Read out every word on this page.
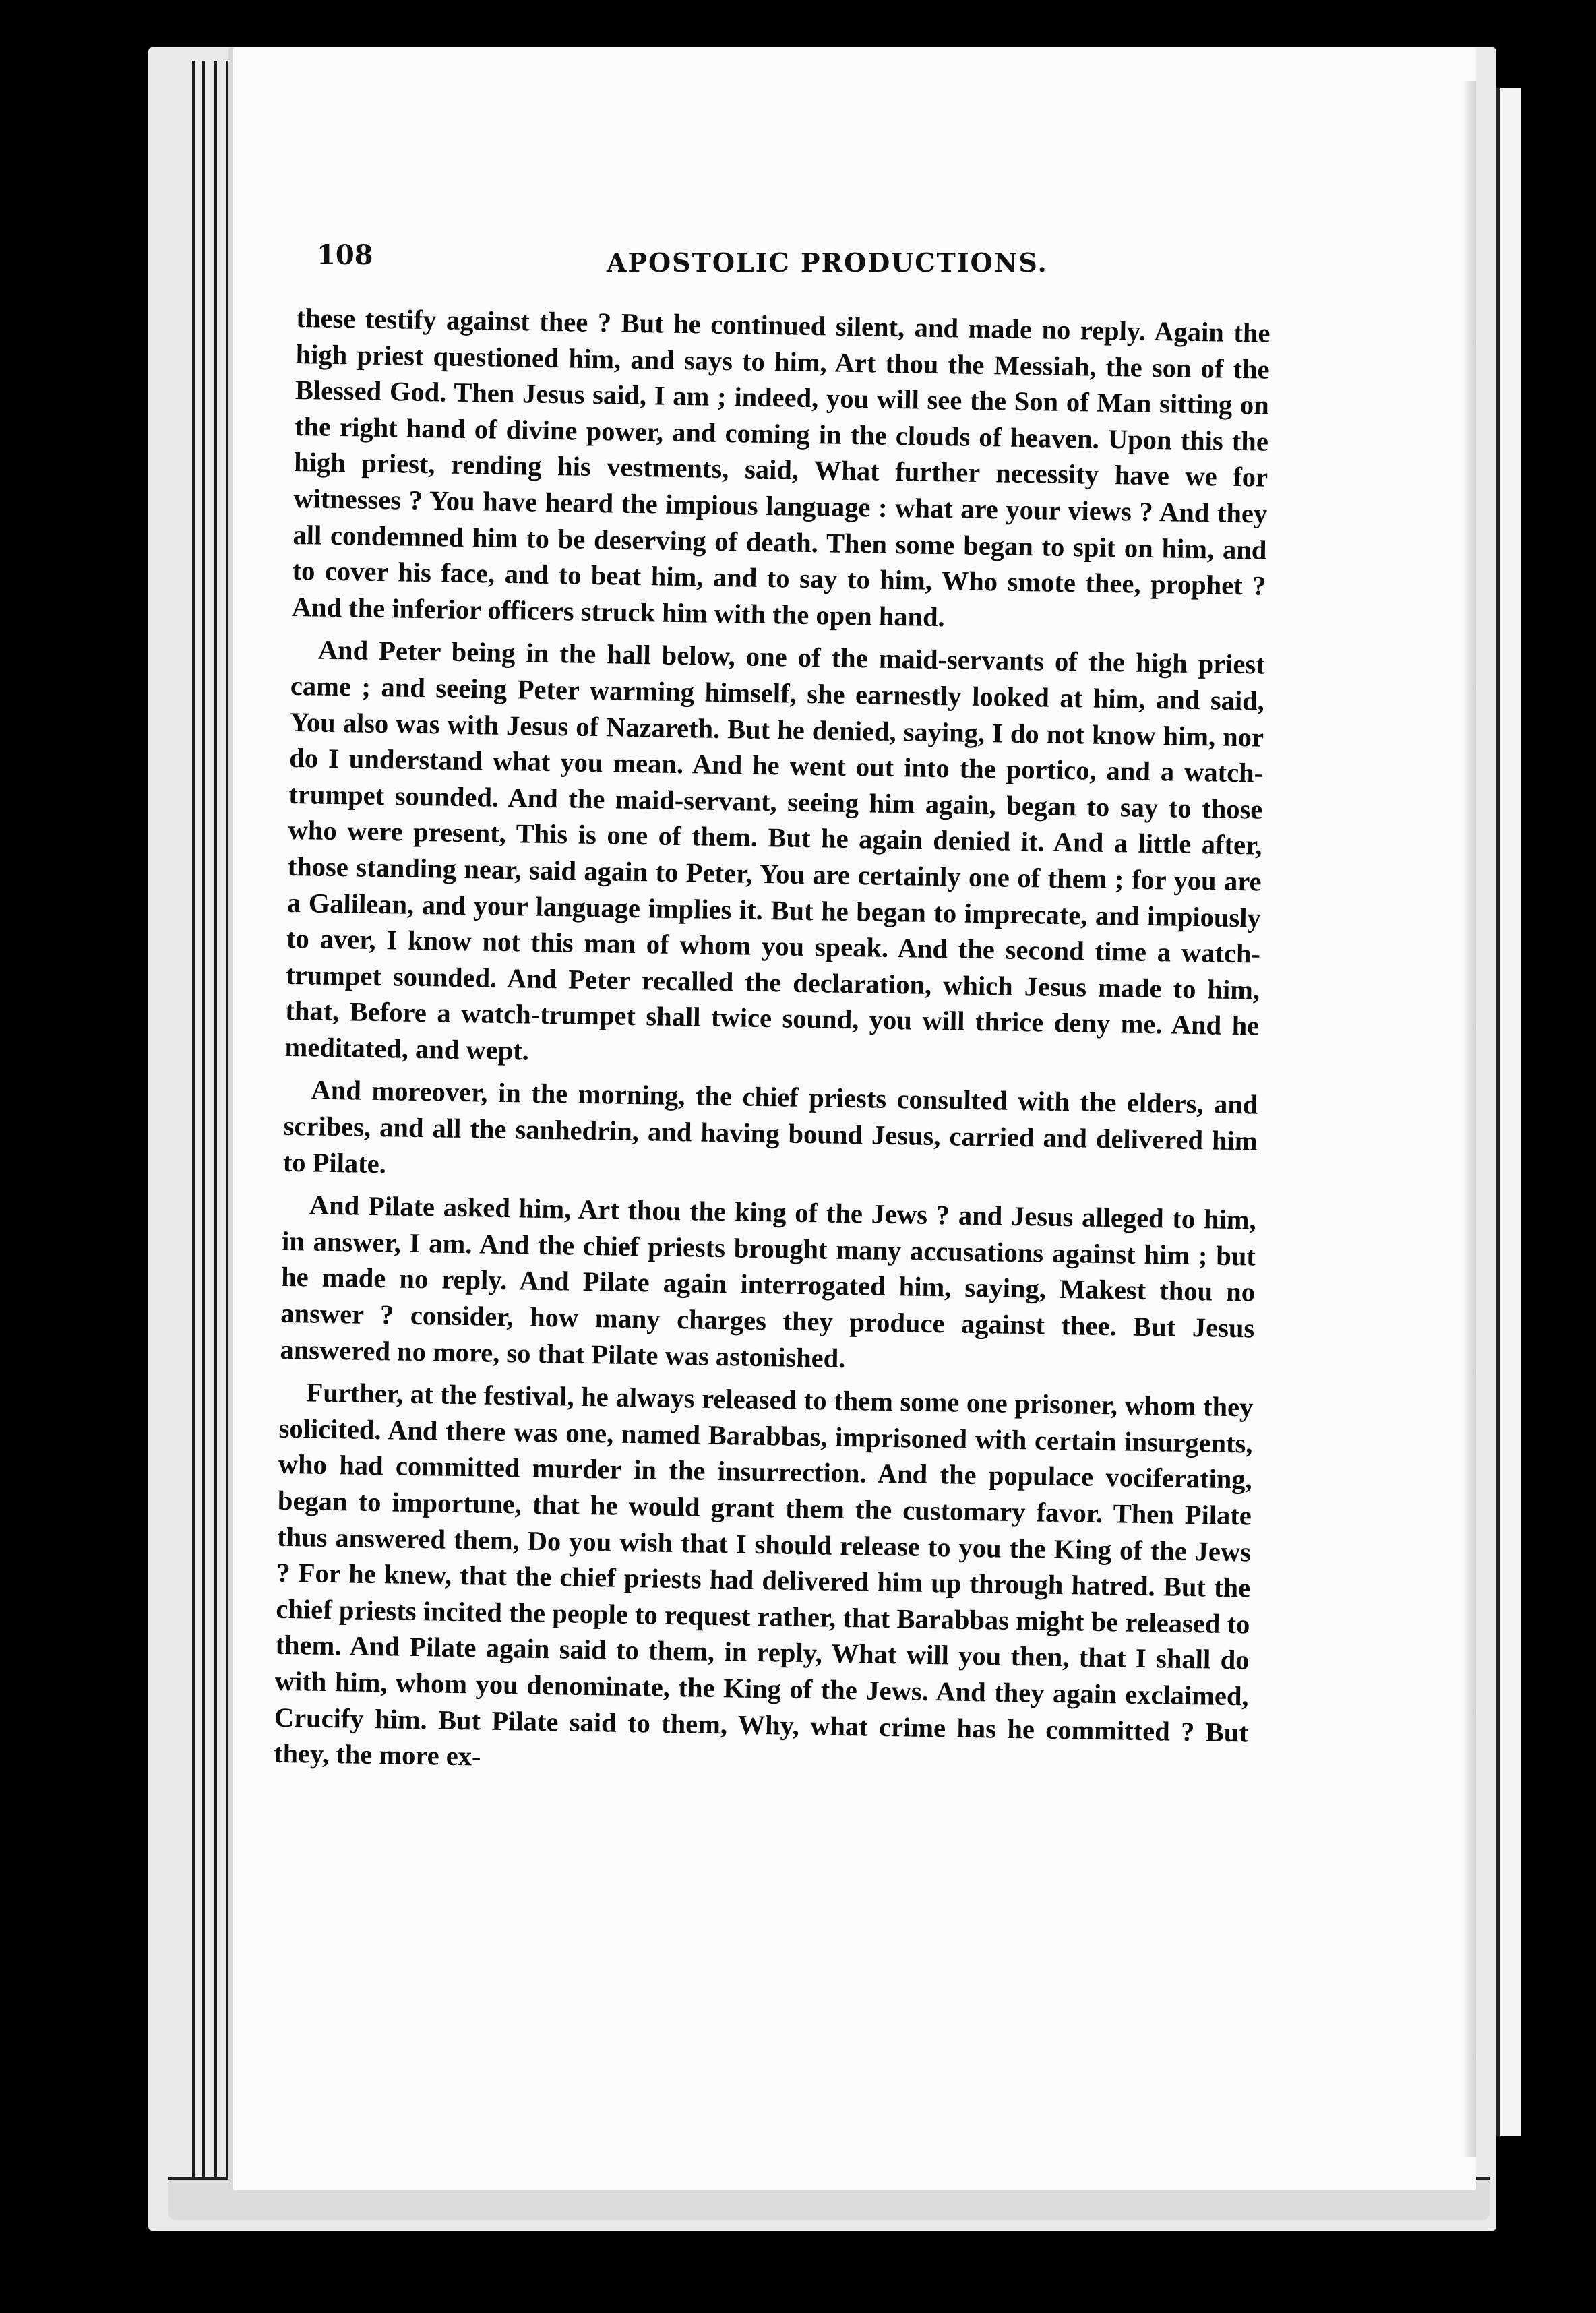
108	APOSTOLIC PRODUCTIONS.

these testify against thee ? But he continued silent, and made no reply. Again the high priest questioned him, and says to him, Art thou the Messiah, the son of the Blessed God. Then Jesus said, I am ; indeed, you will see the Son of Man sitting on the right hand of divine power, and coming in the clouds of heaven. Upon this the high priest, rending his vestments, said, What further necessity have we for witnesses ? You have heard the impious language : what are your views ? And they all condemned him to be deserving of death. Then some began to spit on him, and to cover his face, and to beat him, and to say to him, Who smote thee, prophet ? And the inferior officers struck him with the open hand.

And Peter being in the hall below, one of the maid-servants of the high priest came ; and seeing Peter warming himself, she earnestly looked at him, and said, You also was with Jesus of Nazareth. But he denied, saying, I do not know him, nor do I understand what you mean. And he went out into the portico, and a watch-trumpet sounded. And the maid-servant, seeing him again, began to say to those who were present, This is one of them. But he again denied it. And a little after, those standing near, said again to Peter, You are certainly one of them ; for you are a Galilean, and your language implies it. But he began to imprecate, and impiously to aver, I know not this man of whom you speak. And the second time a watch-trumpet sounded. And Peter recalled the declaration, which Jesus made to him, that, Before a watch-trumpet shall twice sound, you will thrice deny me. And he meditated, and wept.

And moreover, in the morning, the chief priests consulted with the elders, and scribes, and all the sanhedrin, and having bound Jesus, carried and delivered him to Pilate.

And Pilate asked him, Art thou the king of the Jews ? and Jesus alleged to him, in answer, I am. And the chief priests brought many accusations against him ; but he made no reply. And Pilate again interrogated him, saying, Makest thou no answer ? consider, how many charges they produce against thee. But Jesus answered no more, so that Pilate was astonished.

Further, at the festival, he always released to them some one prisoner, whom they solicited. And there was one, named Barabbas, imprisoned with certain insurgents, who had committed murder in the insurrection. And the populace vociferating, began to importune, that he would grant them the customary favor. Then Pilate thus answered them, Do you wish that I should release to you the King of the Jews ? For he knew, that the chief priests had delivered him up through hatred. But the chief priests incited the people to request rather, that Barabbas might be released to them. And Pilate again said to them, in reply, What will you then, that I shall do with him, whom you denominate, the King of the Jews. And they again exclaimed, Crucify him. But Pilate said to them, Why, what crime has he committed ? But they, the more ex-
